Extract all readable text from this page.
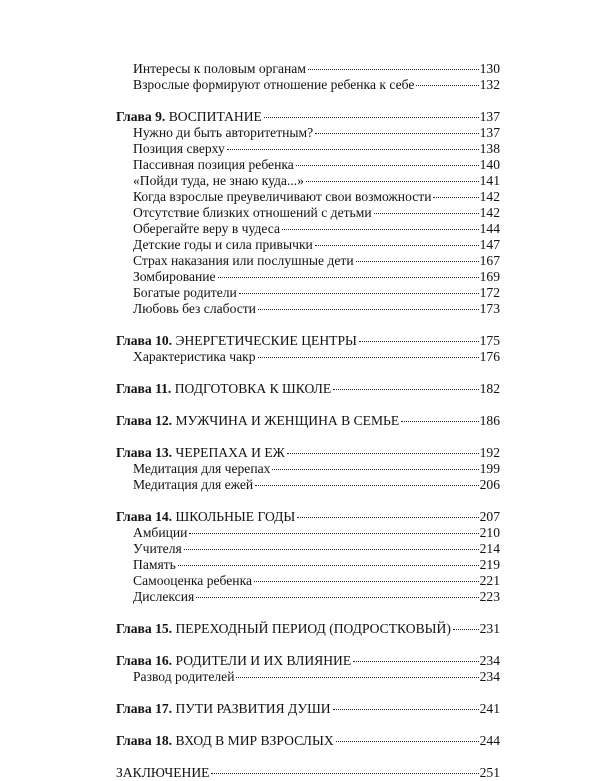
Интересы к половым органам	130
Взрослые формируют отношение ребенка к себе	132
Глава 9. ВОСПИТАНИЕ	137
Нужно ди быть авторитетным?	137
Позиция сверху	138
Пассивная позиция ребенка	140
«Пойди туда, не знаю куда...»	141
Когда взрослые преувеличивают свои возможности	142
Отсутствие близких отношений с детьми	142
Оберегайте веру в чудеса	144
Детские годы и сила привычки	147
Страх наказания или послушные дети	167
Зомбирование	169
Богатые родители	172
Любовь без слабости	173
Глава 10. ЭНЕРГЕТИЧЕСКИЕ ЦЕНТРЫ	175
Характеристика чакр	176
Глава 11. ПОДГОТОВКА К ШКОЛЕ	182
Глава 12. МУЖЧИНА И ЖЕНЩИНА В СЕМЬЕ	186
Глава 13. ЧЕРЕПАХА И ЕЖ	192
Медитация для черепах	199
Медитация для ежей	206
Глава 14. ШКОЛЬНЫЕ ГОДЫ	207
Амбиции	210
Учителя	214
Память	219
Самооценка ребенка	221
Дислексия	223
Глава 15. ПЕРЕХОДНЫЙ ПЕРИОД (ПОДРОСТКОВЫЙ) 231
Глава 16. РОДИТЕЛИ И ИХ ВЛИЯНИЕ	234
Развод родителей	234
Глава 17. ПУТИ РАЗВИТИЯ ДУШИ	241
Глава 18. ВХОД В МИР ВЗРОСЛЫХ	244
ЗАКЛЮЧЕНИЕ	251
